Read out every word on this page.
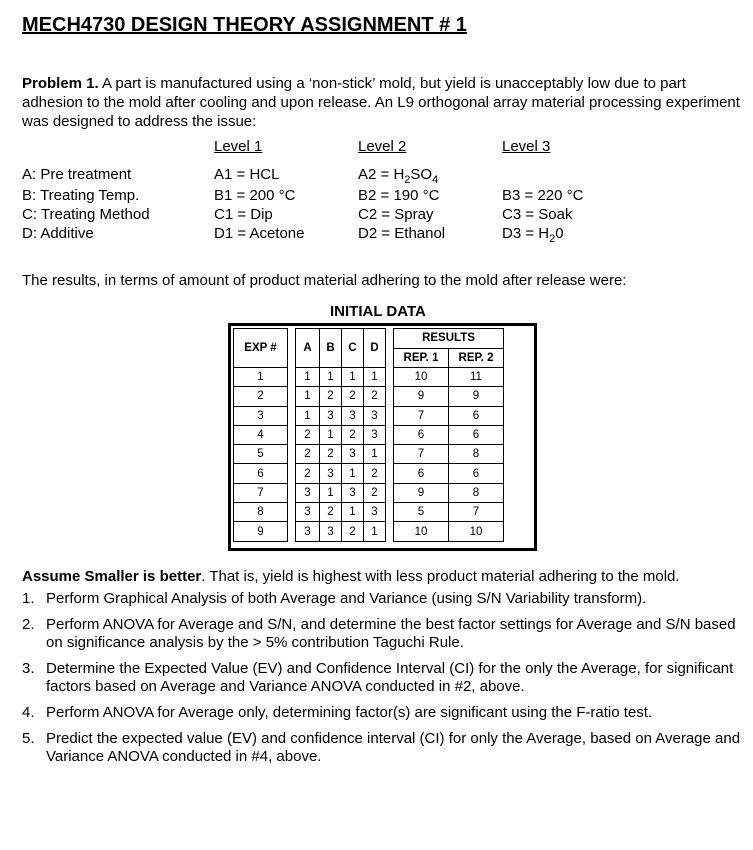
MECH4730 DESIGN THEORY ASSIGNMENT # 1
Problem 1. A part is manufactured using a ‘non-stick’ mold, but yield is unacceptably low due to part adhesion to the mold after cooling and upon release. An L9 orthogonal array material processing experiment was designed to address the issue:
Level 1	Level 2	Level 3
A: Pre treatment	A1 = HCL	$A2 = H_2SO_4$
B: Treating Temp.	B1 = 200 °C	B2 = 190 °C	B3 = 220 °C
C: Treating Method	C1 = Dip	C2 = Spray	C3 = Soak
D: Additive	D1 = Acetone	D2 = Ethanol	$D3 = H_20$
The results, in terms of amount of product material adhering to the mold after release were:
INITIAL DATA
EXP #		A	B	C	D		RESULTS	
							REP. 1	REP. 2
1		1	1	1	1		10	11
2		1	2	2	2		9	9
3		1	3	3	3		7	6
4		2	1	2	3		6	6
5		2	2	3	1		7	8
6		2	3	1	2		6	6
7		3	1	3	2		9	8
8		3	2	1	3		5	7
9		3	3	2	1		10	10
Assume Smaller is better. That is, yield is highest with less product material adhering to the mold.
1. Perform Graphical Analysis of both Average and Variance (using S/N Variability transform).
2. Perform ANOVA for Average and S/N, and determine the best factor settings for Average and S/N based on significance analysis by the > 5% contribution Taguchi Rule.
3. Determine the Expected Value (EV) and Confidence Interval (CI) for the only the Average, for significant factors based on Average and Variance ANOVA conducted in #2, above.
4. Perform ANOVA for Average only, determining factor(s) are significant using the F-ratio test.
5. Predict the expected value (EV) and confidence interval (CI) for only the Average, based on Average and Variance ANOVA conducted in #4, above.
